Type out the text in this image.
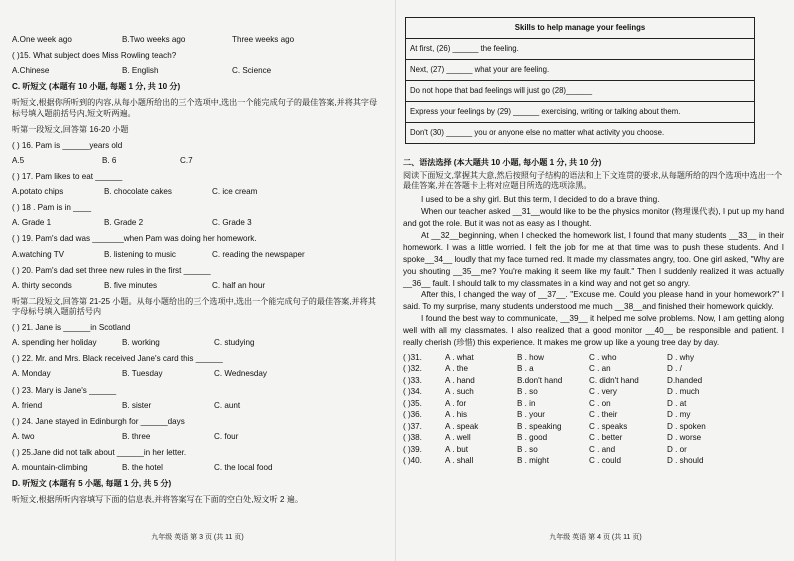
A.One week ago	B.Two weeks ago	Three weeks ago
( )15. What subject does Miss Rowling teach?
A.Chinese	B. English	C. Science
C. 听短文 (本题有 10 小题, 每题 1 分, 共 10 分)
听短文,根据你所听到的内容,从每小题所给出的三个选项中,选出一个能完成句子的最佳答案,并将其字母标号填入题前括号内,短文听两遍。
听第一段短文,回答第 16-20 小题
( ) 16. Pam is ______years old
A.5	B. 6	C.7
( ) 17. Pam likes to eat ______
A.potato chips	B. chocolate cakes	C. ice cream
( ) 18 . Pam is in ____
A. Grade 1	B. Grade 2	C. Grade 3
( ) 19. Pam's dad was _______when Pam was doing her homework.
A.watching TV	B. listening to music	C. reading the newspaper
( ) 20. Pam's dad set three new rules in the first ______
A. thirty seconds	B. five minutes	C. half an hour
听第二段短文,回答第 21-25 小题。从每小题给出的三个选项中,选出一个能完成句子的最佳答案,并将其字母标号填入题前括号内
( ) 21. Jane is ______in Scotland
A. spending her holiday	B. working	C. studying
( ) 22. Mr. and Mrs. Black received Jane's card this ______
A. Monday	B. Tuesday	C. Wednesday
( ) 23. Mary is Jane's ______
A. friend	B. sister	C. aunt
( ) 24. Jane stayed in Edinburgh for ______days
A. two	B. three	C. four
( ) 25.Jane did not talk about ______in her letter.
A. mountain-climbing	B. the hotel	C. the local food
D. 听短文 (本题有 5 小题, 每题 1 分, 共 5 分)
听短文,根据所听内容填写下面的信息表,并将答案写在下面的空白处,短文听 2 遍。
九年级 英语 第 3 页 (共 11 页)
Skills to help manage your feelings
At first, (26) ______ the feeling.
Next, (27) ______ what your are feeling.
Do not hope that bad feelings will just go (28)______
Express your feelings by (29) ______ exercising, writing or talking about them.
Don't (30) ______ you or anyone else no matter what activity you choose.
二、语法选择 (本大题共 10 小题, 每小题 1 分, 共 10 分)
阅读下面短文,掌握其大意,然后按照句子结构的语法和上下文连贯的要求,从每题所给的四个选项中选出一个最佳答案,并在答题卡上将对应题目所选的选项涂黑。

I used to be a shy girl. But this term, I decided to do a brave thing.

When our teacher asked __31__would like to be the physics monitor (物理课代表), I put up my hand and got the role. But it was not as easy as I thought.

At __32__beginning, when I checked the homework list, I found that many students __33__ in their homework. I was a little worried. I felt the job for me at that time was to push these students. And I spoke__34__ loudly that my face turned red. It made my classmates angry, too. One girl asked, "Why are you shouting __35__me? You're making it seem like my fault." Then I suddenly realized it was actually __36__ fault. I should talk to my classmates in a kind way and not get so angry.

After this, I changed the way of __37__. "Excuse me. Could you please hand in your homework?" I said. To my surprise, many students understood me much __38__and finished their homework quickly.

I found the best way to communicate, __39__ it helped me solve problems. Now, I am getting along well with all my classmates. I also realized that a good monitor __40__ be responsible and patient. I really cherish (珍惜) this experience. It makes me grow up like a young tree day by day.

( )31.	A . what	B . how	C . who	D . why
( )32.	A . the	B . a	C . an	D . /
( )33.	A . hand	B.don't hand	C. didn't hand	D.handed
( )34.	A . such	B . so	C . very	D . much
( )35.	A . for	B . in	C . on	D . at
( )36.	A . his	B . your	C . their	D . my
( )37.	A . speak	B . speaking	C . speaks	D . spoken
( )38.	A . well	B . good	C . better	D . worse
( )39.	A . but	B . so	C . and	D . or
( )40.	A . shall	B . might	C . could	D . should
九年级 英语 第 4 页 (共 11 页)
